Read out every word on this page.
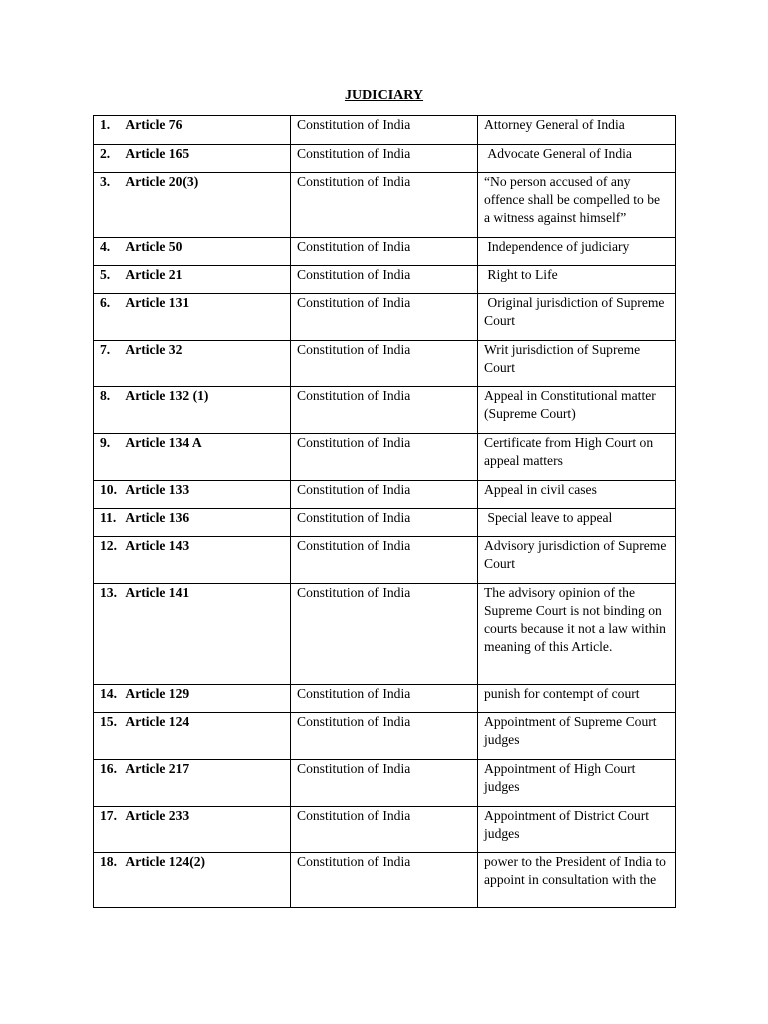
JUDICIARY
1. Article 76	Constitution of India	Attorney General of India
2. Article 165	Constitution of India	Advocate General of India
3. Article 20(3)	Constitution of India	“No person accused of any offence shall be compelled to be a witness against himself”
4. Article 50	Constitution of India	Independence of judiciary
5. Article 21	Constitution of India	Right to Life
6. Article 131	Constitution of India	Original jurisdiction of Supreme Court
7. Article 32	Constitution of India	Writ jurisdiction of Supreme Court
8. Article 132 (1)	Constitution of India	Appeal in Constitutional matter (Supreme Court)
9. Article 134 A	Constitution of India	Certificate from High Court on appeal matters
10. Article 133	Constitution of India	Appeal in civil cases
11. Article 136	Constitution of India	Special leave to appeal
12. Article 143	Constitution of India	Advisory jurisdiction of Supreme Court
13. Article 141	Constitution of India	The advisory opinion of the Supreme Court is not binding on courts because it not a law within meaning of this Article.
14. Article 129	Constitution of India	punish for contempt of court
15. Article 124	Constitution of India	Appointment of Supreme Court judges
16. Article 217	Constitution of India	Appointment of High Court judges
17. Article 233	Constitution of India	Appointment of District Court judges
18. Article 124(2)	Constitution of India	power to the President of India to appoint in consultation with the
